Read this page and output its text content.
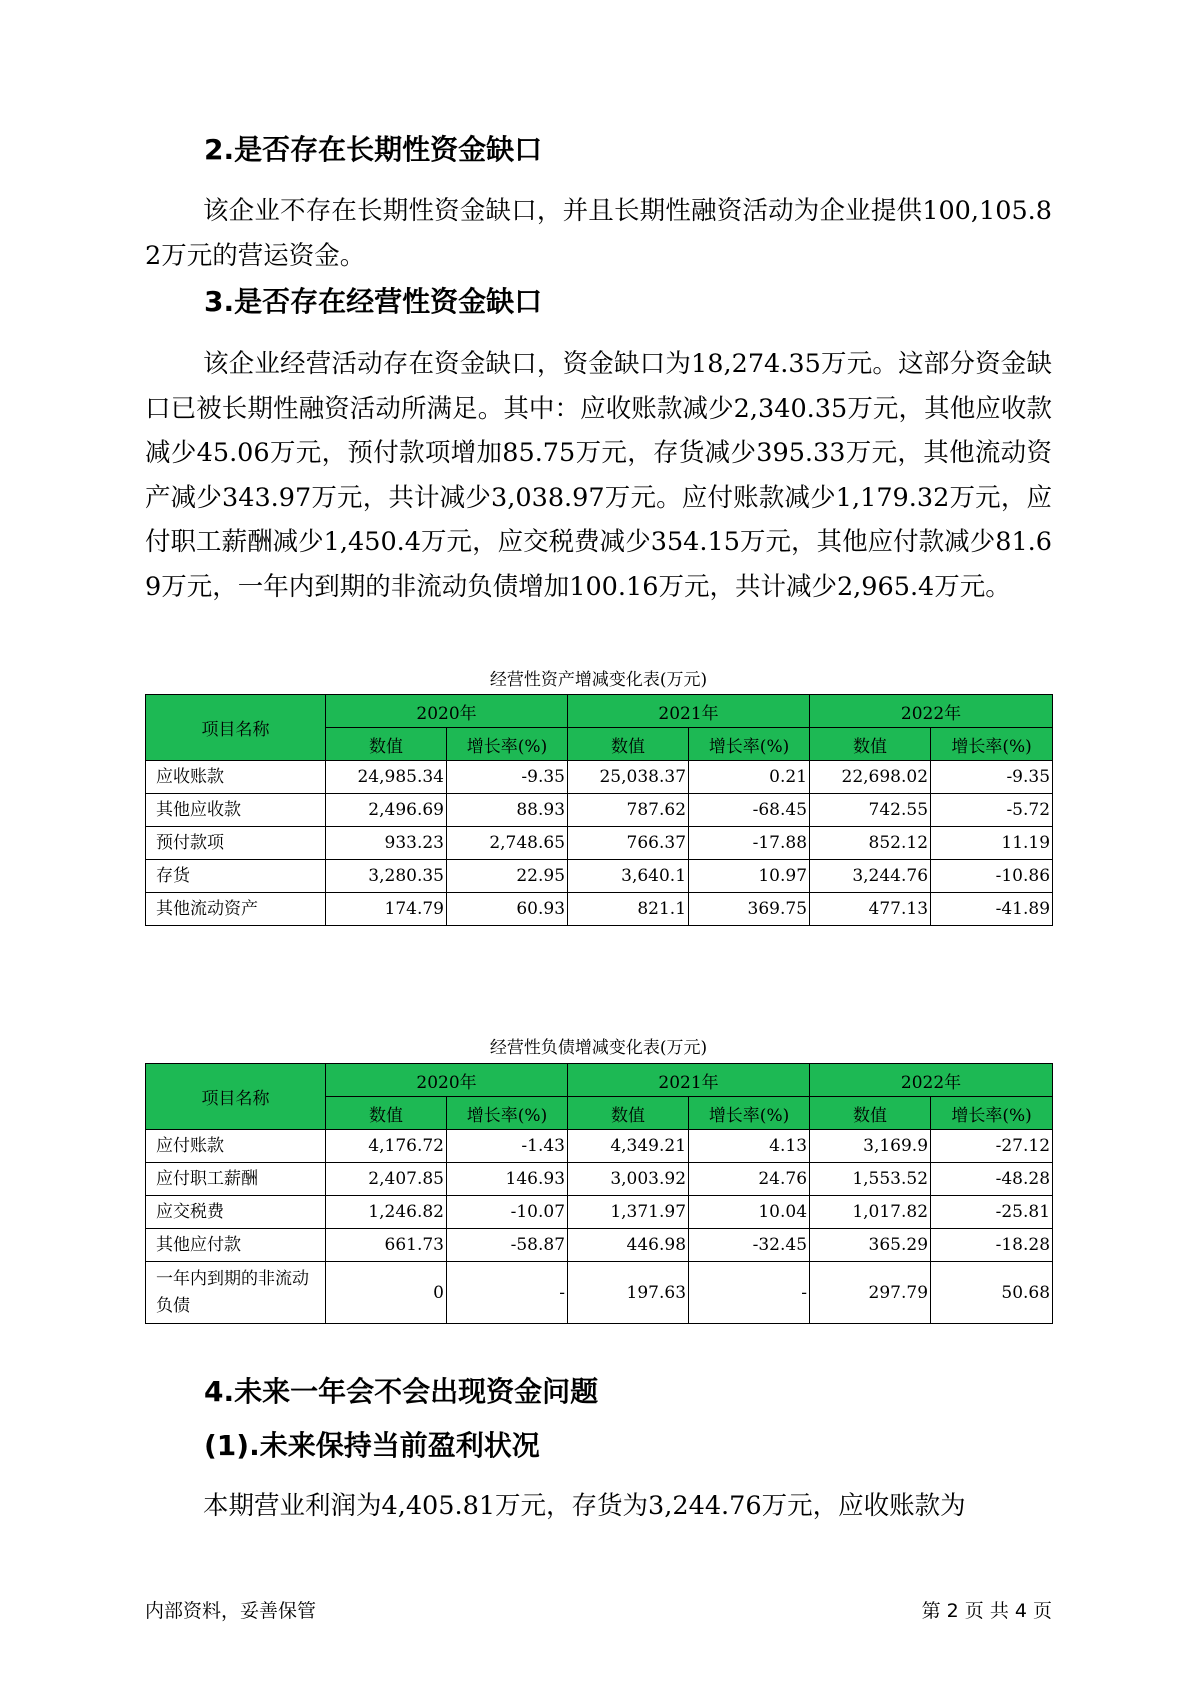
2.是否存在长期性资金缺口

该企业不存在长期性资金缺口，并且长期性融资活动为企业提供100,105.82万元的营运资金。

3.是否存在经营性资金缺口

该企业经营活动存在资金缺口，资金缺口为18,274.35万元。这部分资金缺口已被长期性融资活动所满足。其中：应收账款减少2,340.35万元，其他应收款减少45.06万元，预付款项增加85.75万元，存货减少395.33万元，其他流动资产减少343.97万元，共计减少3,038.97万元。应付账款减少1,179.32万元，应付职工薪酬减少1,450.4万元，应交税费减少354.15万元，其他应付款减少81.69万元，一年内到期的非流动负债增加100.16万元，共计减少2,965.4万元。

经营性资产增减变化表(万元)
项目名称	2020年		2021年		2022年	
	数值	增长率(%)	数值	增长率(%)	数值	增长率(%)
应收账款	24,985.34	-9.35	25,038.37	0.21	22,698.02	-9.35
其他应收款	2,496.69	88.93	787.62	-68.45	742.55	-5.72
预付款项	933.23	2,748.65	766.37	-17.88	852.12	11.19
存货	3,280.35	22.95	3,640.1	10.97	3,244.76	-10.86
其他流动资产	174.79	60.93	821.1	369.75	477.13	-41.89
经营性负债增减变化表(万元)
项目名称	2020年		2021年		2022年	
	数值	增长率(%)	数值	增长率(%)	数值	增长率(%)
应付账款	4,176.72	-1.43	4,349.21	4.13	3,169.9	-27.12
应付职工薪酬	2,407.85	146.93	3,003.92	24.76	1,553.52	-48.28
应交税费	1,246.82	-10.07	1,371.97	10.04	1,017.82	-25.81
其他应付款	661.73	-58.87	446.98	-32.45	365.29	-18.28
一年内到期的非流动负债	0	-	197.63	-	297.79	50.68
4.未来一年会不会出现资金问题
(1).未来保持当前盈利状况

本期营业利润为4,405.81万元，存货为3,244.76万元，应收账款为

内部资料，妥善保管	第 2 页 共 4 页
